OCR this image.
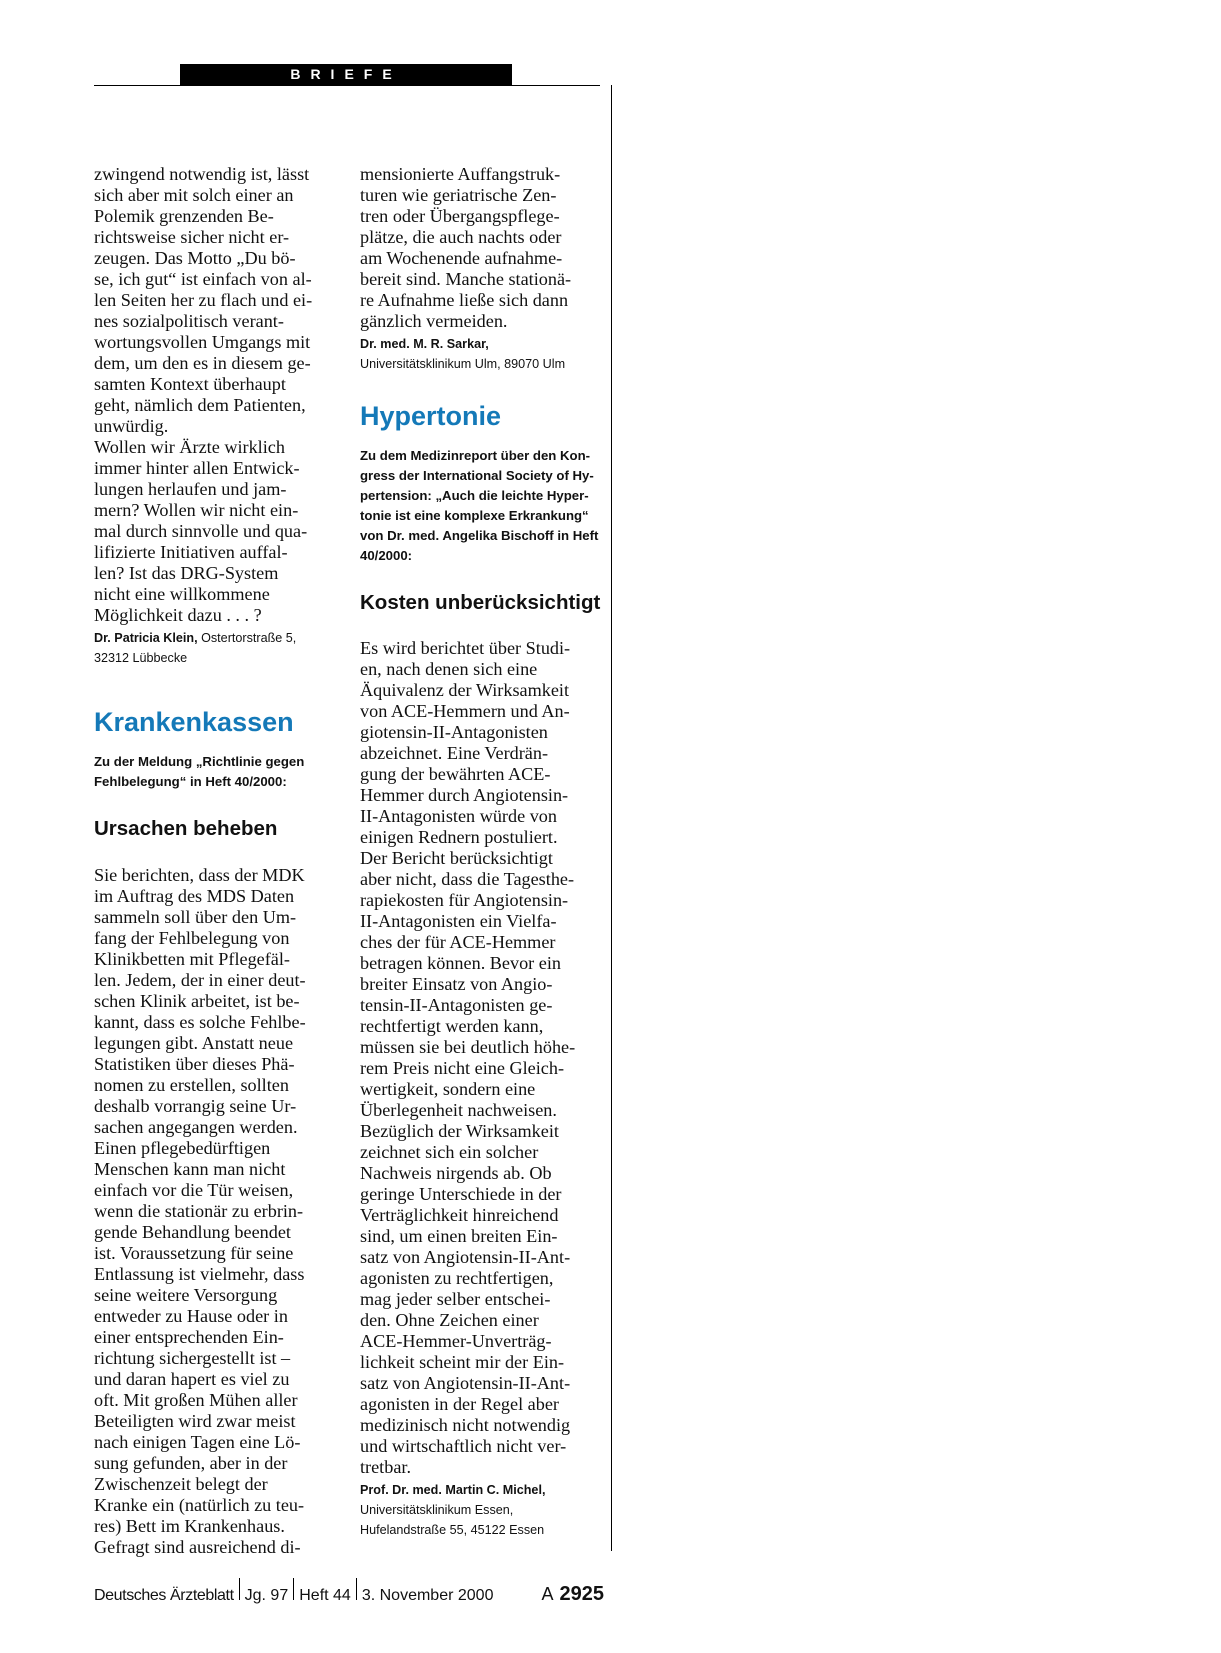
BRIEFE

zwingend notwendig ist, lässt
sich aber mit solch einer an
Polemik grenzenden Be-
richtsweise sicher nicht er-
zeugen. Das Motto „Du bö-
se, ich gut“ ist einfach von al-
len Seiten her zu flach und ei-
nes sozialpolitisch verant-
wortungsvollen Umgangs mit
dem, um den es in diesem ge-
samten Kontext überhaupt
geht, nämlich dem Patienten,
unwürdig.
Wollen wir Ärzte wirklich
immer hinter allen Entwick-
lungen herlaufen und jam-
mern? Wollen wir nicht ein-
mal durch sinnvolle und qua-
lifizierte Initiativen auffal-
len? Ist das DRG-System
nicht eine willkommene
Möglichkeit dazu . . . ?

Dr. Patricia Klein, Ostertorstraße 5,
32312 Lübbecke

Krankenkassen

Zu der Meldung „Richtlinie gegen
Fehlbelegung“ in Heft 40/2000:

Ursachen beheben

Sie berichten, dass der MDK
im Auftrag des MDS Daten
sammeln soll über den Um-
fang der Fehlbelegung von
Klinikbetten mit Pflegefäl-
len. Jedem, der in einer deut-
schen Klinik arbeitet, ist be-
kannt, dass es solche Fehlbe-
legungen gibt. Anstatt neue
Statistiken über dieses Phä-
nomen zu erstellen, sollten
deshalb vorrangig seine Ur-
sachen angegangen werden.
Einen pflegebedürftigen
Menschen kann man nicht
einfach vor die Tür weisen,
wenn die stationär zu erbrin-
gende Behandlung beendet
ist. Voraussetzung für seine
Entlassung ist vielmehr, dass
seine weitere Versorgung
entweder zu Hause oder in
einer entsprechenden Ein-
richtung sichergestellt ist –
und daran hapert es viel zu
oft. Mit großen Mühen aller
Beteiligten wird zwar meist
nach einigen Tagen eine Lö-
sung gefunden, aber in der
Zwischenzeit belegt der
Kranke ein (natürlich zu teu-
res) Bett im Krankenhaus.
Gefragt sind ausreichend di-

mensionierte Auffangstruk-
turen wie geriatrische Zen-
tren oder Übergangspflege-
plätze, die auch nachts oder
am Wochenende aufnahme-
bereit sind. Manche stationä-
re Aufnahme ließe sich dann
gänzlich vermeiden.

Dr. med. M. R. Sarkar,

Universitätsklinikum Ulm, 89070 Ulm

Hypertonie

Zu dem Medizinreport über den Kon-
gress der International Society of Hy-
pertension: „Auch die leichte Hyper-
tonie ist eine komplexe Erkrankung“
von Dr. med. Angelika Bischoff in Heft
40/2000:

Kosten unberücksichtigt

Es wird berichtet über Studi-
en, nach denen sich eine
Äquivalenz der Wirksamkeit
von ACE-Hemmern und An-
giotensin-II-Antagonisten
abzeichnet. Eine Verdrän-
gung der bewährten ACE-
Hemmer durch Angiotensin-
II-Antagonisten würde von
einigen Rednern postuliert.
Der Bericht berücksichtigt
aber nicht, dass die Tagesthe-
rapiekosten für Angiotensin-
II-Antagonisten ein Vielfa-
ches der für ACE-Hemmer
betragen können. Bevor ein
breiter Einsatz von Angio-
tensin-II-Antagonisten ge-
rechtfertigt werden kann,
müssen sie bei deutlich höhe-
rem Preis nicht eine Gleich-
wertigkeit, sondern eine
Überlegenheit nachweisen.
Bezüglich der Wirksamkeit
zeichnet sich ein solcher
Nachweis nirgends ab. Ob
geringe Unterschiede in der
Verträglichkeit hinreichend
sind, um einen breiten Ein-
satz von Angiotensin-II-Ant-
agonisten zu rechtfertigen,
mag jeder selber entschei-
den. Ohne Zeichen einer
ACE-Hemmer-Unverträg-
lichkeit scheint mir der Ein-
satz von Angiotensin-II-Ant-
agonisten in der Regel aber
medizinisch nicht notwendig
und wirtschaftlich nicht ver-
tretbar.

Prof. Dr. med. Martin C. Michel,

Universitätsklinikum Essen,
Hufelandstraße 55, 45122 Essen

Deutsches Ärzteblatt Jg. 97 Heft 44 3. November 2000	A 2925
